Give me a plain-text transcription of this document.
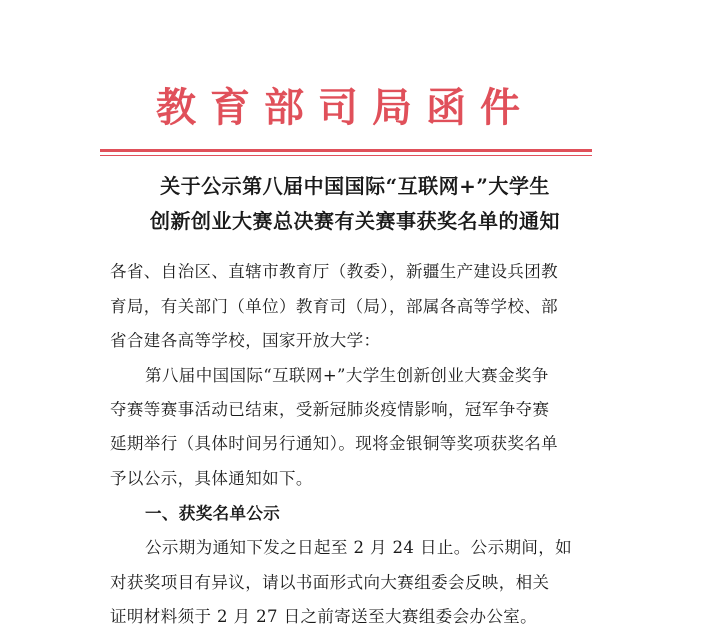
教育部司局函件
关于公示第八届中国国际“互联网+”大学生
创新创业大赛总决赛有关赛事获奖名单的通知
各省、自治区、直辖市教育厅（教委），新疆生产建设兵团教
育局，有关部门（单位）教育司（局），部属各高等学校、部
省合建各高等学校，国家开放大学：
第八届中国国际“互联网+”大学生创新创业大赛金奖争
夺赛等赛事活动已结束，受新冠肺炎疫情影响，冠军争夺赛
延期举行（具体时间另行通知）。现将金银铜等奖项获奖名单
予以公示，具体通知如下。
一、获奖名单公示
公示期为通知下发之日起至 2 月 24 日止。公示期间，如
对获奖项目有异议，请以书面形式向大赛组委会反映，相关
证明材料须于 2 月 27 日之前寄送至大赛组委会办公室。
